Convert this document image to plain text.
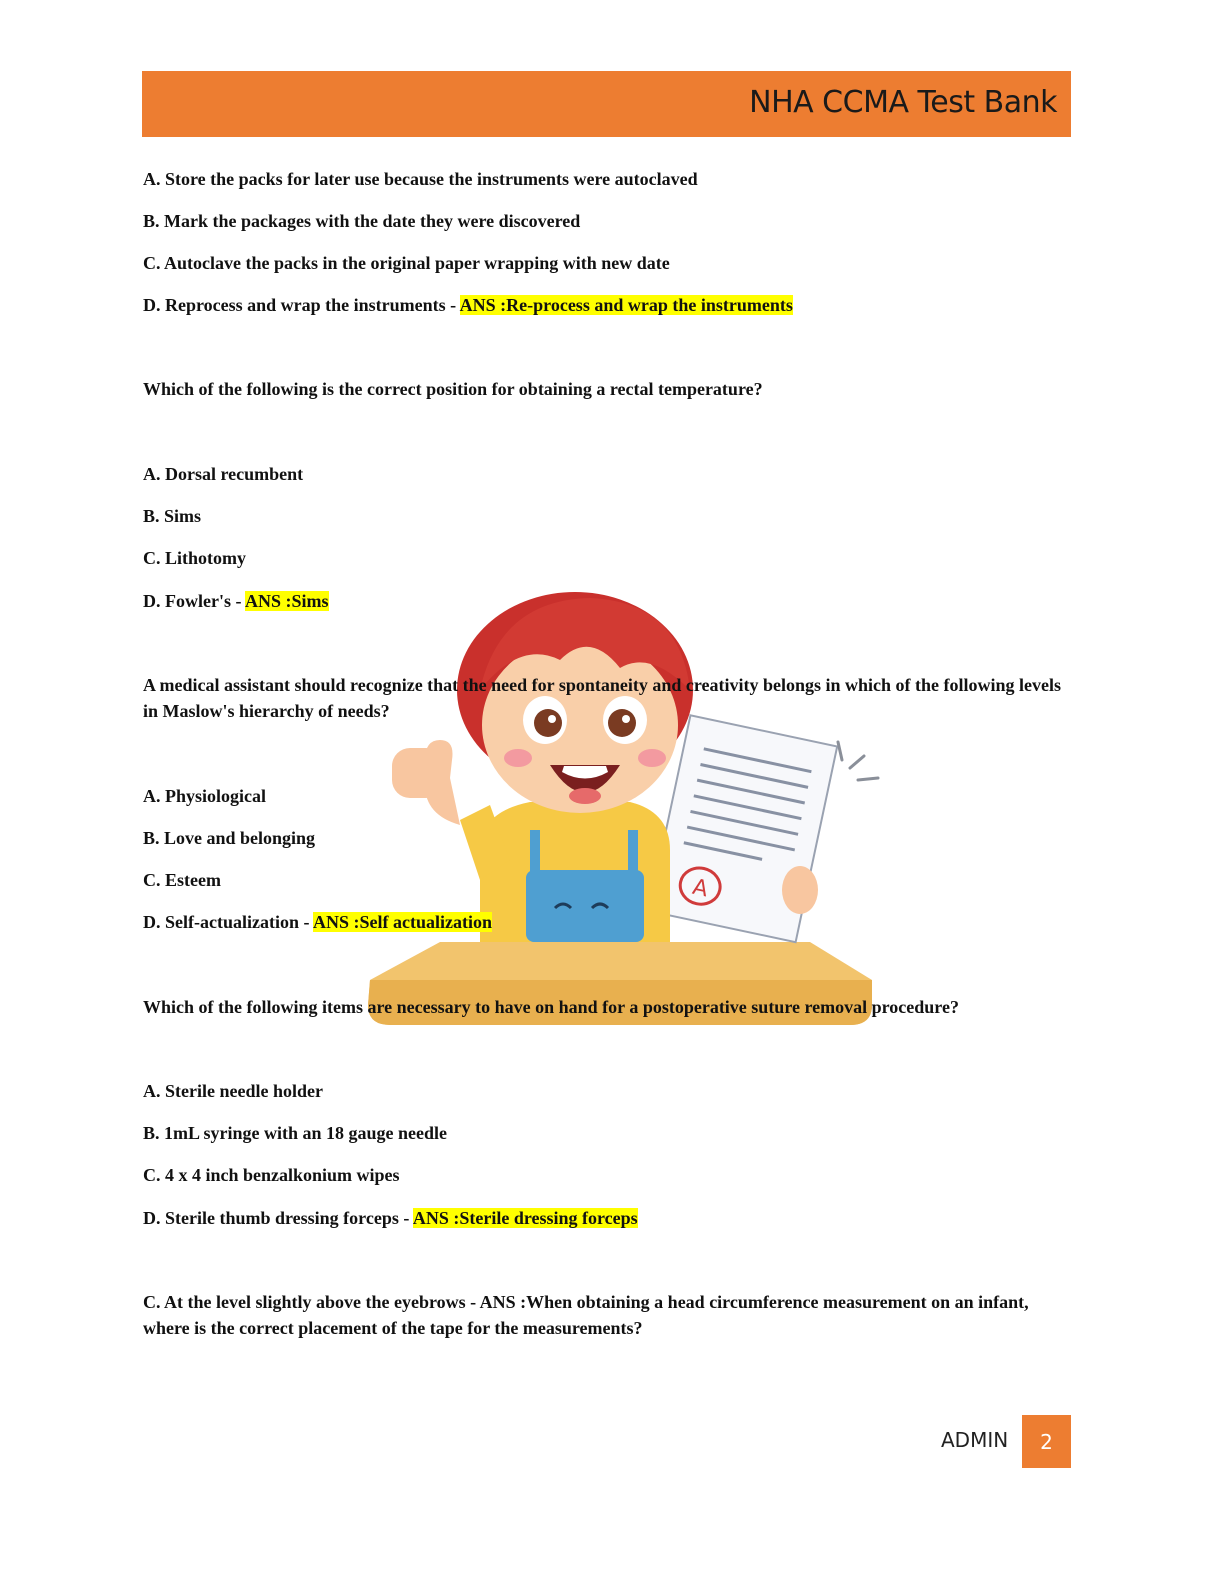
NHA CCMA Test Bank
A
A. Store the packs for later use because the instruments were autoclaved
B. Mark the packages with the date they were discovered
C. Autoclave the packs in the original paper wrapping with new date
D. Reprocess and wrap the instruments - ANS :Re-process and wrap the instruments
Which of the following is the correct position for obtaining a rectal temperature?
A. Dorsal recumbent
B. Sims
C. Lithotomy
D. Fowler's - ANS :Sims
A medical assistant should recognize that the need for spontaneity and creativity belongs in which of the following levels in Maslow's hierarchy of needs?
A. Physiological
B. Love and belonging
C. Esteem
D. Self-actualization - ANS :Self actualization
Which of the following items are necessary to have on hand for a postoperative suture removal procedure?
A. Sterile needle holder
B. 1mL syringe with an 18 gauge needle
C. 4 x 4 inch benzalkonium wipes
D. Sterile thumb dressing forceps - ANS :Sterile dressing forceps
C. At the level slightly above the eyebrows - ANS :When obtaining a head circumference measurement on an infant, where is the correct placement of the tape for the measurements?
ADMIN	2
